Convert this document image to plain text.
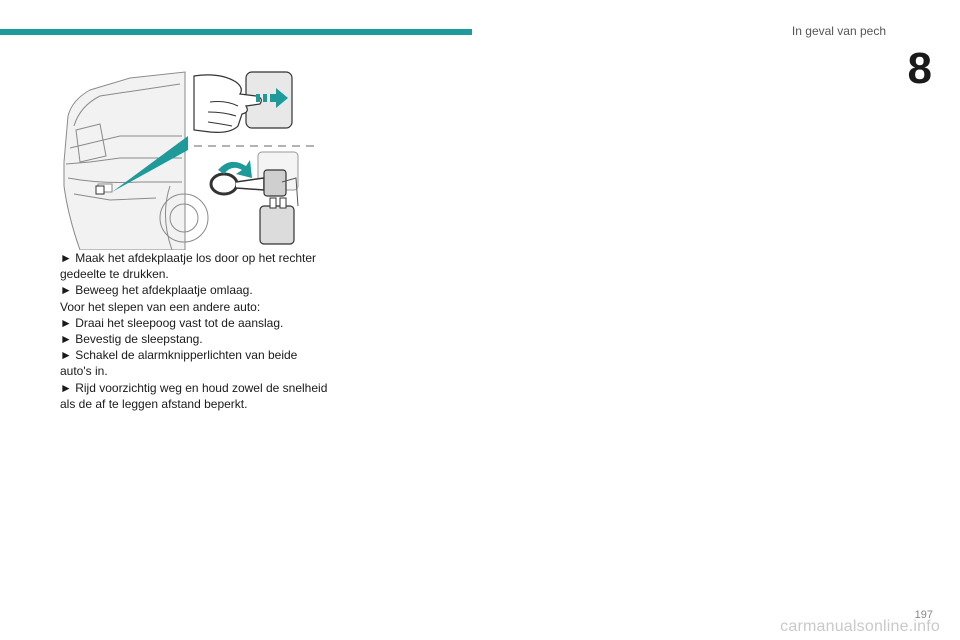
In geval van pech
8

► Maak het afdekplaatje los door op het rechter gedeelte te drukken.

► Beweeg het afdekplaatje omlaag.

Voor het slepen van een andere auto:

► Draai het sleepoog vast tot de aanslag.

► Bevestig de sleepstang.

► Schakel de alarmknipperlichten van beide auto's in.

► Rijd voorzichtig weg en houd zowel de snelheid als de af te leggen afstand beperkt.

197
carmanualsonline.info
